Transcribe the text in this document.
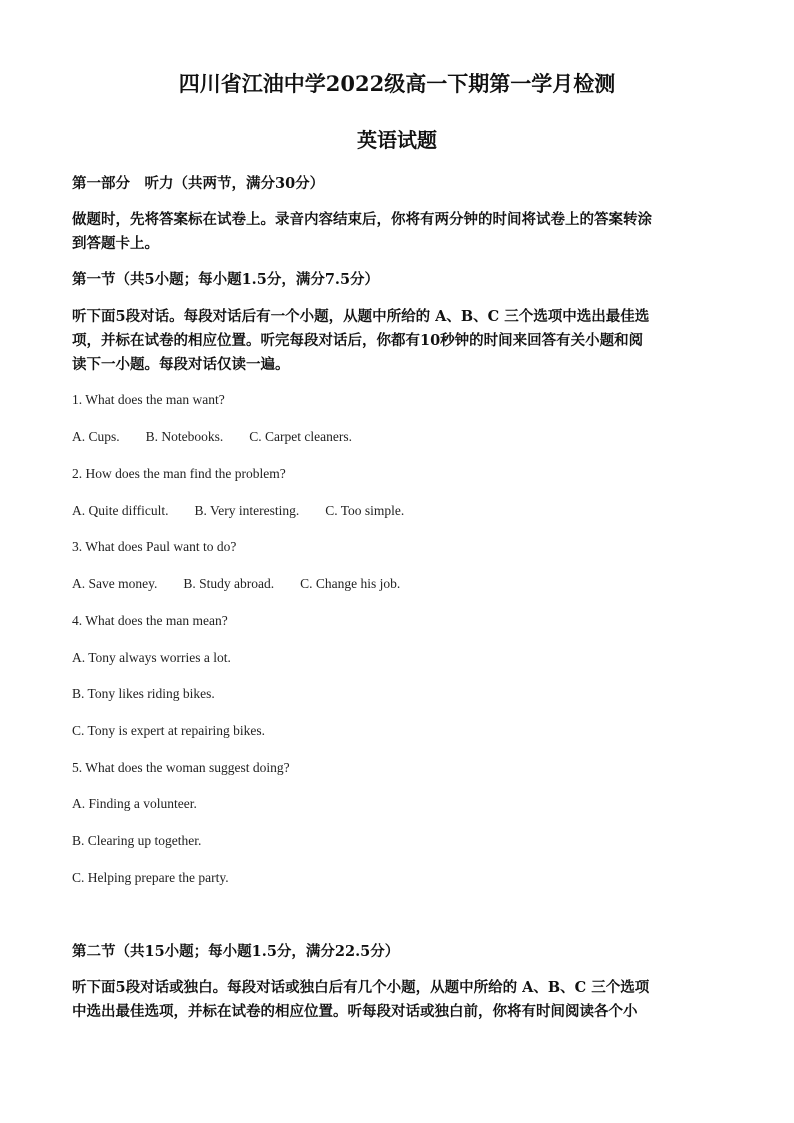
四川省江油中学2022级高一下期第一学月检测
英语试题

第一部分　听力（共两节，满分30分）

做题时，先将答案标在试卷上。录音内容结束后，你将有两分钟的时间将试卷上的答案转涂

到答题卡上。

第一节（共5小题；每小题1.5分，满分7.5分）

听下面5段对话。每段对话后有一个小题，从题中所给的 A、B、C 三个选项中选出最佳选

项，并标在试卷的相应位置。听完每段对话后，你都有10秒钟的时间来回答有关小题和阅

读下一小题。每段对话仅读一遍。

1. What does the man want?

A. Cups. B. Notebooks. C. Carpet cleaners.

2. How does the man find the problem?

A. Quite difficult. B. Very interesting. C. Too simple.

3. What does Paul want to do?

A. Save money. B. Study abroad. C. Change his job.

4. What does the man mean?

A. Tony always worries a lot.

B. Tony likes riding bikes.

C. Tony is expert at repairing bikes.

5. What does the woman suggest doing?

A. Finding a volunteer.

B. Clearing up together.

C. Helping prepare the party.

第二节（共15小题；每小题1.5分，满分22.5分）

听下面5段对话或独白。每段对话或独白后有几个小题，从题中所给的 A、B、C 三个选项

中选出最佳选项，并标在试卷的相应位置。听每段对话或独白前，你将有时间阅读各个小
